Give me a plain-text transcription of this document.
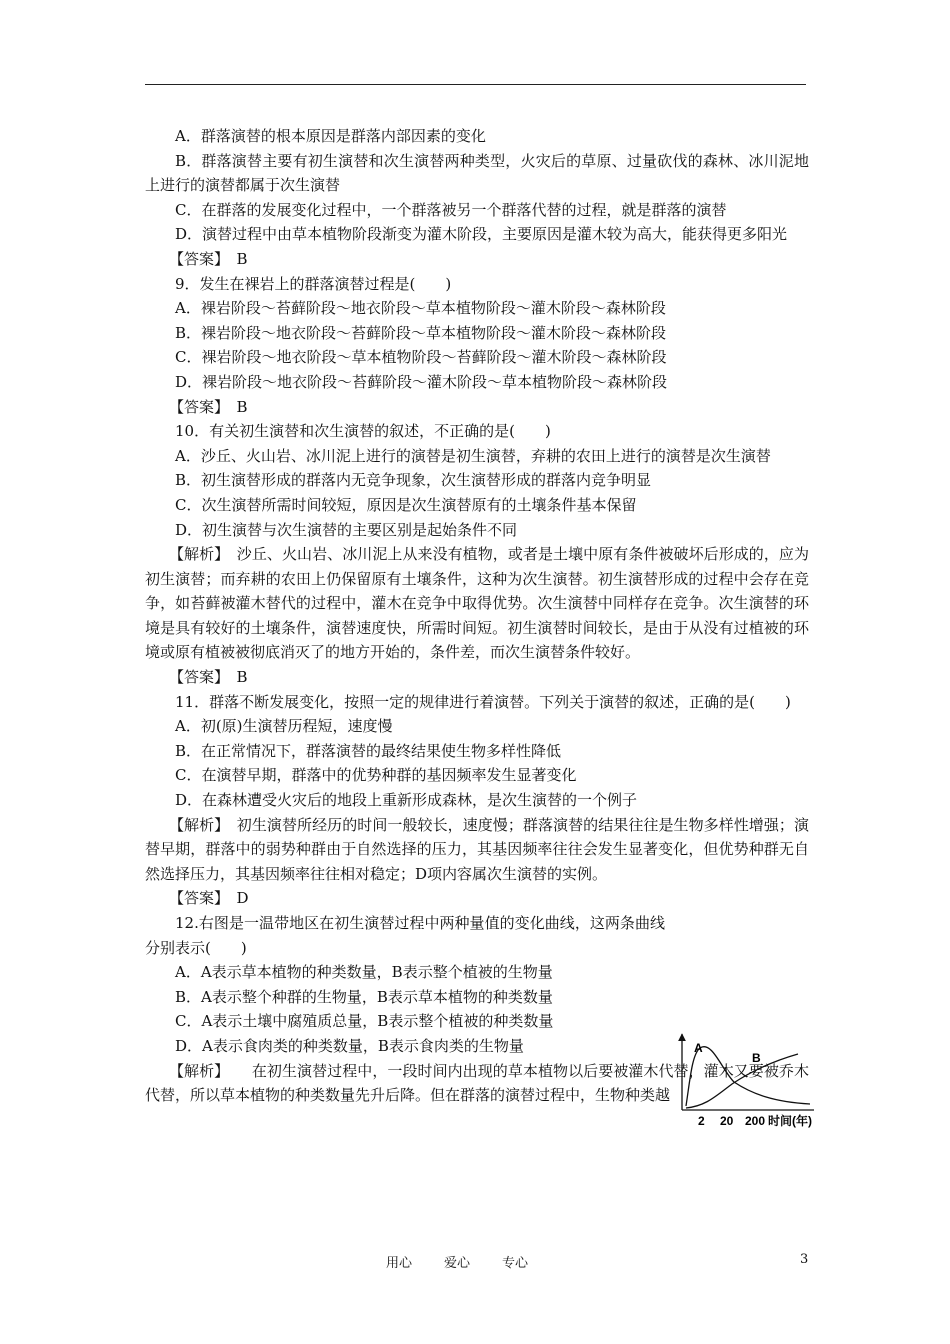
A．群落演替的根本原因是群落内部因素的变化

B．群落演替主要有初生演替和次生演替两种类型，火灾后的草原、过量砍伐的森林、冰川泥地上进行的演替都属于次生演替

C．在群落的发展变化过程中，一个群落被另一个群落代替的过程，就是群落的演替

D．演替过程中由草本植物阶段渐变为灌木阶段，主要原因是灌木较为高大，能获得更多阳光

【答案】　B

9．发生在裸岩上的群落演替过程是(　　)

A．裸岩阶段～苔藓阶段～地衣阶段～草本植物阶段～灌木阶段～森林阶段

B．裸岩阶段～地衣阶段～苔藓阶段～草本植物阶段～灌木阶段～森林阶段

C．裸岩阶段～地衣阶段～草本植物阶段～苔藓阶段～灌木阶段～森林阶段

D．裸岩阶段～地衣阶段～苔藓阶段～灌木阶段～草本植物阶段～森林阶段

【答案】　B

10．有关初生演替和次生演替的叙述，不正确的是(　　)

A．沙丘、火山岩、冰川泥上进行的演替是初生演替，弃耕的农田上进行的演替是次生演替

B．初生演替形成的群落内无竞争现象，次生演替形成的群落内竞争明显

C．次生演替所需时间较短，原因是次生演替原有的土壤条件基本保留

D．初生演替与次生演替的主要区别是起始条件不同

【解析】　沙丘、火山岩、冰川泥上从来没有植物，或者是土壤中原有条件被破坏后形成的，应为初生演替；而弃耕的农田上仍保留原有土壤条件，这种为次生演替。初生演替形成的过程中会存在竞争，如苔藓被灌木替代的过程中，灌木在竞争中取得优势。次生演替中同样存在竞争。次生演替的环境是具有较好的土壤条件，演替速度快，所需时间短。初生演替时间较长，是由于从没有过植被的环境或原有植被被彻底消灭了的地方开始的，条件差，而次生演替条件较好。

【答案】　B

11．群落不断发展变化，按照一定的规律进行着演替。下列关于演替的叙述，正确的是(　　)

A．初(原)生演替历程短，速度慢

B．在正常情况下，群落演替的最终结果使生物多样性降低

C．在演替早期，群落中的优势种群的基因频率发生显著变化

D．在森林遭受火灾后的地段上重新形成森林，是次生演替的一个例子

【解析】　初生演替所经历的时间一般较长，速度慢；群落演替的结果往往是生物多样性增强；演替早期，群落中的弱势种群由于自然选择的压力，其基因频率往往会发生显著变化，但优势种群无自然选择压力，其基因频率往往相对稳定；D项内容属次生演替的实例。

【答案】　D

12.右图是一温带地区在初生演替过程中两种量值的变化曲线，这两条曲线分别表示(　　)

A．A表示草本植物的种类数量，B表示整个植被的生物量

B．A表示整个种群的生物量，B表示草本植物的种类数量

C．A表示土壤中腐殖质总量，B表示整个植被的种类数量

D．A表示食肉类的种类数量，B表示食肉类的生物量

【解析】　　在初生演替过程中，一段时间内出现的草本植物以后要被灌木代替，灌木又要被乔木代替，所以草本植物的种类数量先升后降。但在群落的演替过程中，生物种类越

A
B
2 20 200 时间(年)
用心 爱心 专心	3
